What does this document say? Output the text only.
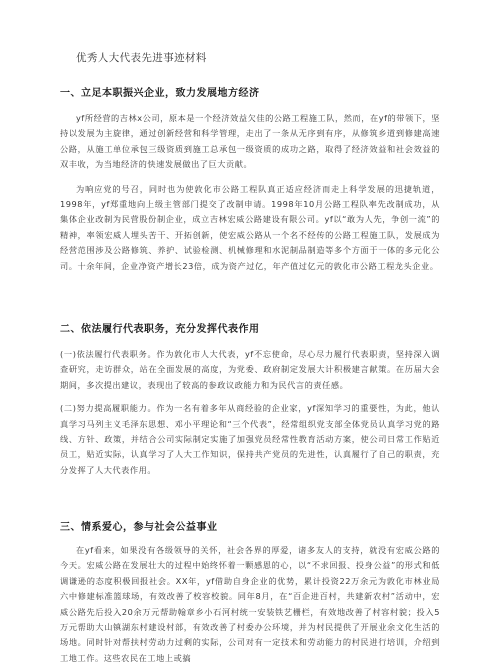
优秀人大代表先进事迹材料

一、立足本职振兴企业，致力发展地方经济

yf所经营的吉林x公司，原本是一个经济效益欠佳的公路工程施工队，然而，在yf的带领下，坚持以发展为主旋律，通过创新经营和科学管理，走出了一条从无序到有序，从修筑乡道到修建高速公路，从施工单位承包三级资质到施工总承包一级资质的成功之路，取得了经济效益和社会效益的双丰收，为当地经济的快速发展做出了巨大贡献。

为响应党的号召，同时也为使敦化市公路工程队真正适应经济而走上科学发展的迅捷轨道，1998年，yf郑重地向上级主管部门提交了改制申请。1998年10月公路工程队率先改制成功，从集体企业改制为民营股份制企业，成立吉林宏威公路建设有限公司。yf以“敢为人先，争创一流”的精神，率领宏威人埋头苦干、开拓创新，使宏威公路从一个名不经传的公路工程施工队，发展成为经营范围涉及公路修筑、养护、试验检测、机械修理和水泥制品制造等多个方面于一体的多元化公司。十余年间，企业净资产增长23倍，成为资产过亿，年产值过亿元的敦化市公路工程龙头企业。

二、依法履行代表职务，充分发挥代表作用

(一)依法履行代表职务。作为敦化市人大代表，yf不忘使命，尽心尽力履行代表职责，坚持深入调查研究，走访群众，站在全面发展的高度，为党委、政府制定发展大计积极建言献策。在历届大会期间，多次提出建议，表现出了较高的参政议政能力和为民代言的责任感。

(二)努力提高履职能力。作为一名有着多年从商经验的企业家，yf深知学习的重要性，为此，他认真学习马列主义毛泽东思想、邓小平理论和“三个代表”，经常组织党支部全体党员认真学习党的路线、方针、政策，并结合公司实际制定实施了加强党员经常性教育活动方案，使公司日常工作贴近员工，贴近实际，认真学习了人大工作知识，保持共产党员的先进性，认真履行了自己的职责，充分发挥了人大代表作用。

三、情系爱心，参与社会公益事业

在yf看来，如果没有各级领导的关怀，社会各界的厚爱，诸多友人的支持，就没有宏威公路的今天。宏威公路在发展壮大的过程中始终怀着一颗感恩的心，以“不求回报、投身公益”的形式和低调谦逊的态度积极回报社会。XX年，yf借助自身企业的优势，累计投资22万余元为敦化市林业局六中修建标准篮球场，有效改善了校容校貌。同年8月，在“百企进百村，共建新农村”活动中，宏威公路先后投入20余万元帮助翰章乡小石河村统一安装铁艺栅栏，有效地改善了村容村貌；投入5万元帮助大山镇湖东村建设村部，有效改善了村委办公环境，并为村民提供了开展业余文化生活的场地。同时针对帮扶村劳动力过剩的实际，公司对有一定技术和劳动能力的村民进行培训，介绍到工地工作。这些农民在工地上或搞
